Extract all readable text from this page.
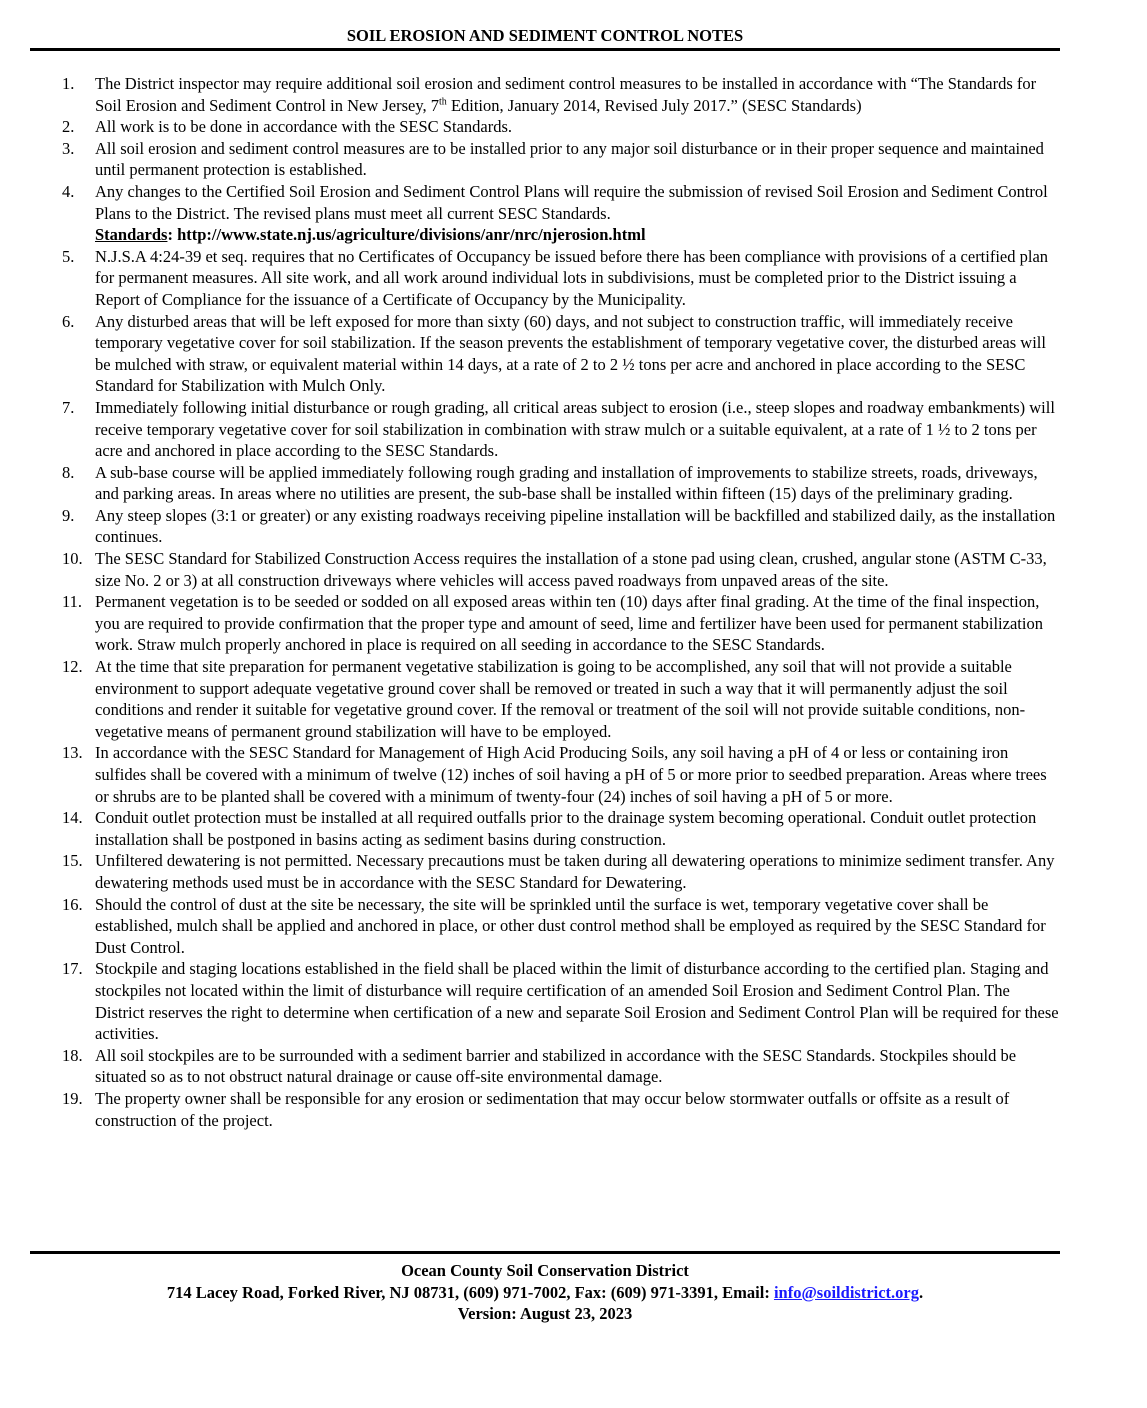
SOIL EROSION AND SEDIMENT CONTROL NOTES
1. The District inspector may require additional soil erosion and sediment control measures to be installed in accordance with “The Standards for Soil Erosion and Sediment Control in New Jersey, 7th Edition, January 2014, Revised July 2017.” (SESC Standards)
2. All work is to be done in accordance with the SESC Standards.
3. All soil erosion and sediment control measures are to be installed prior to any major soil disturbance or in their proper sequence and maintained until permanent protection is established.
4. Any changes to the Certified Soil Erosion and Sediment Control Plans will require the submission of revised Soil Erosion and Sediment Control Plans to the District. The revised plans must meet all current SESC Standards.
Standards: http://www.state.nj.us/agriculture/divisions/anr/nrc/njerosion.html
5. N.J.S.A 4:24-39 et seq. requires that no Certificates of Occupancy be issued before there has been compliance with provisions of a certified plan for permanent measures. All site work, and all work around individual lots in subdivisions, must be completed prior to the District issuing a Report of Compliance for the issuance of a Certificate of Occupancy by the Municipality.
6. Any disturbed areas that will be left exposed for more than sixty (60) days, and not subject to construction traffic, will immediately receive temporary vegetative cover for soil stabilization. If the season prevents the establishment of temporary vegetative cover, the disturbed areas will be mulched with straw, or equivalent material within 14 days, at a rate of 2 to 2 ½ tons per acre and anchored in place according to the SESC Standard for Stabilization with Mulch Only.
7. Immediately following initial disturbance or rough grading, all critical areas subject to erosion (i.e., steep slopes and roadway embankments) will receive temporary vegetative cover for soil stabilization in combination with straw mulch or a suitable equivalent, at a rate of 1 ½ to 2 tons per acre and anchored in place according to the SESC Standards.
8. A sub-base course will be applied immediately following rough grading and installation of improvements to stabilize streets, roads, driveways, and parking areas. In areas where no utilities are present, the sub-base shall be installed within fifteen (15) days of the preliminary grading.
9. Any steep slopes (3:1 or greater) or any existing roadways receiving pipeline installation will be backfilled and stabilized daily, as the installation continues.
10. The SESC Standard for Stabilized Construction Access requires the installation of a stone pad using clean, crushed, angular stone (ASTM C-33, size No. 2 or 3) at all construction driveways where vehicles will access paved roadways from unpaved areas of the site.
11. Permanent vegetation is to be seeded or sodded on all exposed areas within ten (10) days after final grading. At the time of the final inspection, you are required to provide confirmation that the proper type and amount of seed, lime and fertilizer have been used for permanent stabilization work. Straw mulch properly anchored in place is required on all seeding in accordance to the SESC Standards.
12. At the time that site preparation for permanent vegetative stabilization is going to be accomplished, any soil that will not provide a suitable environment to support adequate vegetative ground cover shall be removed or treated in such a way that it will permanently adjust the soil conditions and render it suitable for vegetative ground cover. If the removal or treatment of the soil will not provide suitable conditions, non-vegetative means of permanent ground stabilization will have to be employed.
13. In accordance with the SESC Standard for Management of High Acid Producing Soils, any soil having a pH of 4 or less or containing iron sulfides shall be covered with a minimum of twelve (12) inches of soil having a pH of 5 or more prior to seedbed preparation. Areas where trees or shrubs are to be planted shall be covered with a minimum of twenty-four (24) inches of soil having a pH of 5 or more.
14. Conduit outlet protection must be installed at all required outfalls prior to the drainage system becoming operational. Conduit outlet protection installation shall be postponed in basins acting as sediment basins during construction.
15. Unfiltered dewatering is not permitted. Necessary precautions must be taken during all dewatering operations to minimize sediment transfer. Any dewatering methods used must be in accordance with the SESC Standard for Dewatering.
16. Should the control of dust at the site be necessary, the site will be sprinkled until the surface is wet, temporary vegetative cover shall be established, mulch shall be applied and anchored in place, or other dust control method shall be employed as required by the SESC Standard for Dust Control.
17. Stockpile and staging locations established in the field shall be placed within the limit of disturbance according to the certified plan. Staging and stockpiles not located within the limit of disturbance will require certification of an amended Soil Erosion and Sediment Control Plan. The District reserves the right to determine when certification of a new and separate Soil Erosion and Sediment Control Plan will be required for these activities.
18. All soil stockpiles are to be surrounded with a sediment barrier and stabilized in accordance with the SESC Standards. Stockpiles should be situated so as to not obstruct natural drainage or cause off-site environmental damage.
19. The property owner shall be responsible for any erosion or sedimentation that may occur below stormwater outfalls or offsite as a result of construction of the project.
Ocean County Soil Conservation District
714 Lacey Road, Forked River, NJ 08731, (609) 971-7002, Fax: (609) 971-3391, Email: info@soildistrict.org.
Version: August 23, 2023
